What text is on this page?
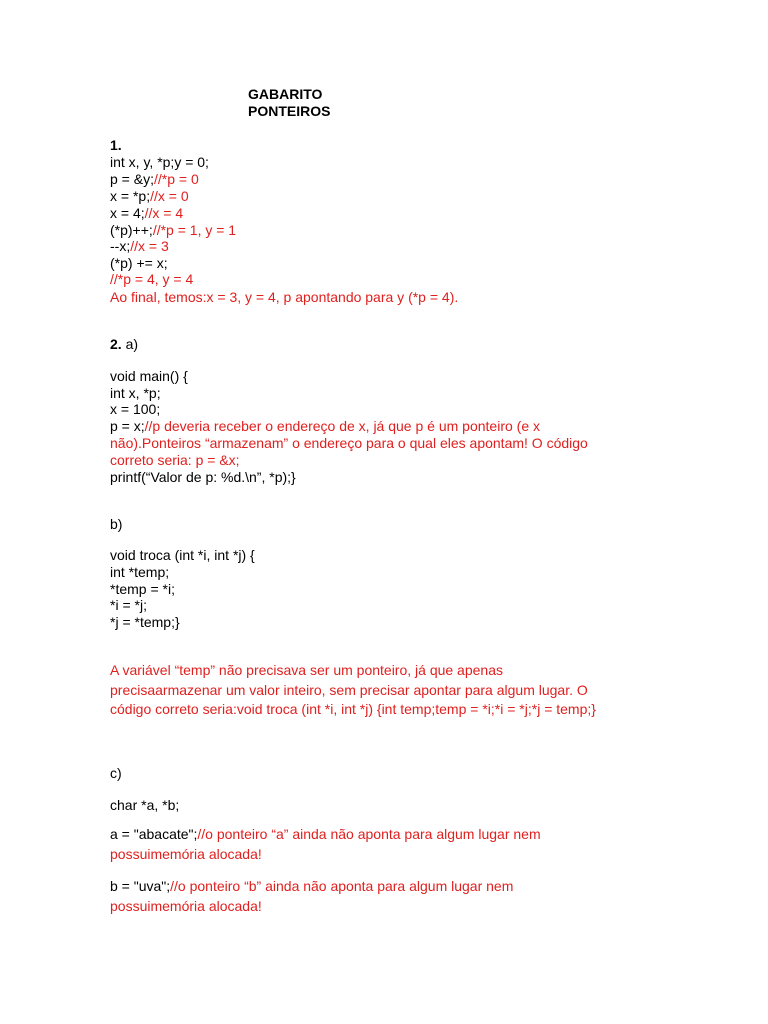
GABARITO
PONTEIROS
1.
int x, y, *p;y = 0;
p = &y;//*p = 0
x = *p;//x = 0
x = 4;//x = 4
(*p)++;//*p = 1, y = 1
--x;//x = 3
(*p) += x;
//*p = 4, y = 4
Ao final, temos:x = 3, y = 4, p apontando para y (*p = 4).
2. a)
void main() {
int x, *p;
x = 100;
p = x;//p deveria receber o endereço de x, já que p é um ponteiro (e x
não).Ponteiros “armazenam” o endereço para o qual eles apontam! O código
correto seria: p = &x;
printf(“Valor de p: %d.\n”, *p);}
b)
void troca (int *i, int *j) {
int *temp;
*temp = *i;
*i = *j;
*j = *temp;}
A variável “temp” não precisava ser um ponteiro, já que apenas
precisaarmazenar um valor inteiro, sem precisar apontar para algum lugar. O
código correto seria:void troca (int *i, int *j) {int temp;temp = *i;*i = *j;*j = temp;}
c)
char *a, *b;
a = "abacate";//o ponteiro “a” ainda não aponta para algum lugar nem
possuimemória alocada!
b = "uva";//o ponteiro “b” ainda não aponta para algum lugar nem
possuimemória alocada!
